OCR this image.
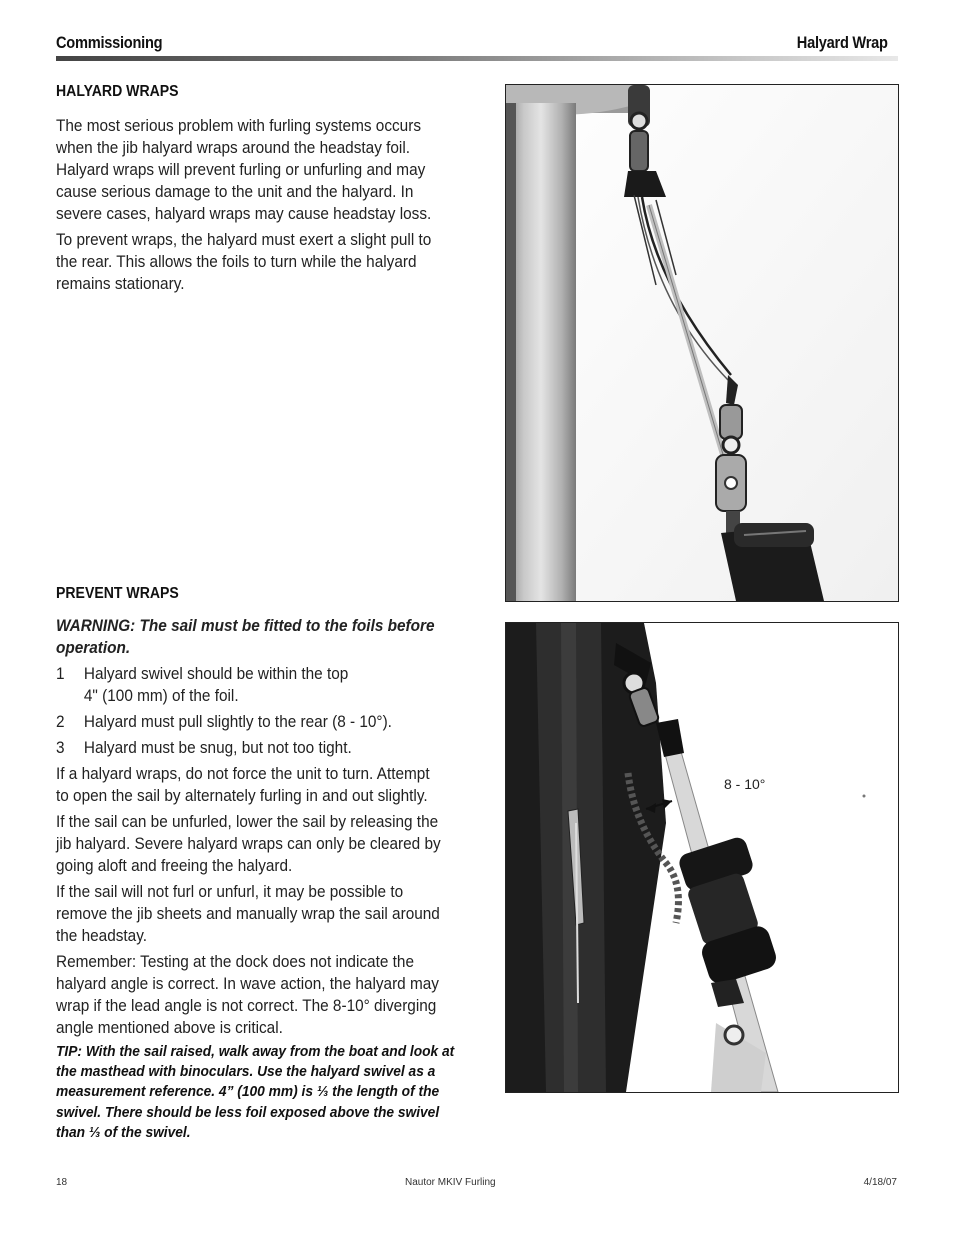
Commissioning	Halyard Wrap
HALYARD WRAPS

The most serious problem with furling systems occurs when the jib halyard wraps around the headstay foil. Halyard wraps will prevent furling or unfurling and may cause serious damage to the unit and the halyard. In severe cases, halyard wraps may cause headstay loss.

To prevent wraps, the halyard must exert a slight pull to the rear. This allows the foils to turn while the halyard remains stationary.

PREVENT WRAPS

WARNING: The sail must be fitted to the foils before operation.

1 Halyard swivel should be within the top 4" (100 mm) of the foil.
2 Halyard must pull slightly to the rear (8 - 10°).
3 Halyard must be snug, but not too tight.

If a halyard wraps, do not force the unit to turn. Attempt to open the sail by alternately furling in and out slightly.

If the sail can be unfurled, lower the sail by releasing the jib halyard. Severe halyard wraps can only be cleared by going aloft and freeing the halyard.

If the sail will not furl or unfurl, it may be possible to remove the jib sheets and manually wrap the sail around the headstay.

Remember: Testing at the dock does not indicate the halyard angle is correct. In wave action, the halyard may wrap if the lead angle is not correct. The 8-10° diverging angle mentioned above is critical.

TIP: With the sail raised, walk away from the boat and look at the masthead with binoculars. Use the halyard swivel as a measurement reference. 4” (100 mm) is ⅓ the length of the swivel. There should be less foil exposed above the swivel than ⅓ of the swivel.
8 - 10°
18	Nautor MKIV Furling	4/18/07
